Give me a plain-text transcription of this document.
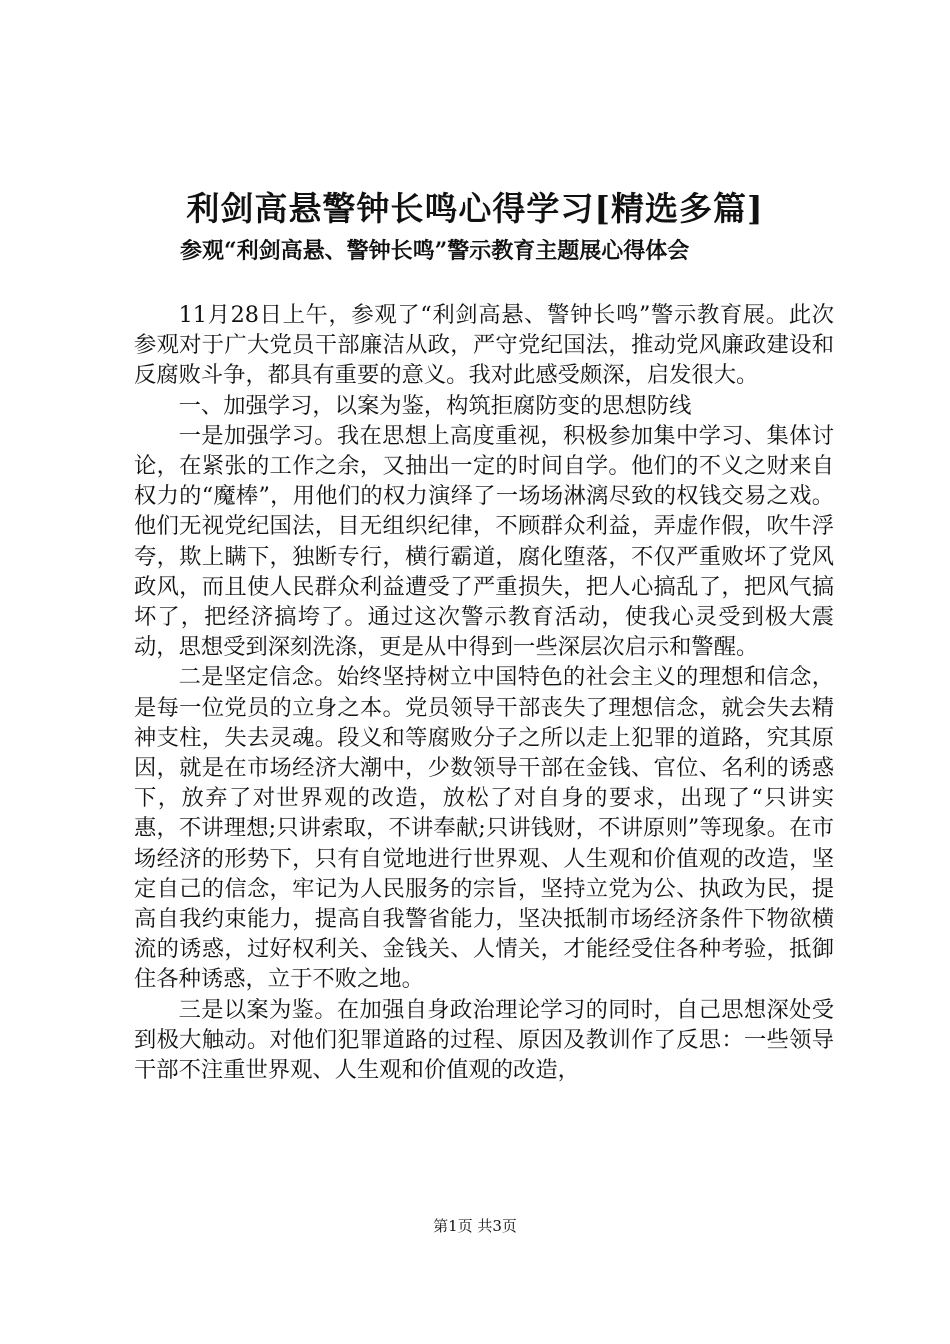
利剑高悬警钟长鸣心得学习[精选多篇]
参观“利剑高悬、警钟长鸣”警示教育主题展心得体会

11月28日上午，参观了“利剑高悬、警钟长鸣”警示教育展。此次参观对于广大党员干部廉洁从政，严守党纪国法，推动党风廉政建设和反腐败斗争，都具有重要的意义。我对此感受颇深，启发很大。

一、加强学习，以案为鉴，构筑拒腐防变的思想防线

一是加强学习。我在思想上高度重视，积极参加集中学习、集体讨论，在紧张的工作之余，又抽出一定的时间自学。他们的不义之财来自权力的“魔棒”，用他们的权力演绎了一场场淋漓尽致的权钱交易之戏。他们无视党纪国法，目无组织纪律，不顾群众利益，弄虚作假，吹牛浮夸，欺上瞒下，独断专行，横行霸道，腐化堕落，不仅严重败坏了党风政风，而且使人民群众利益遭受了严重损失，把人心搞乱了，把风气搞坏了，把经济搞垮了。通过这次警示教育活动，使我心灵受到极大震动，思想受到深刻洗涤，更是从中得到一些深层次启示和警醒。

二是坚定信念。始终坚持树立中国特色的社会主义的理想和信念，是每一位党员的立身之本。党员领导干部丧失了理想信念，就会失去精神支柱，失去灵魂。段义和等腐败分子之所以走上犯罪的道路，究其原因，就是在市场经济大潮中，少数领导干部在金钱、官位、名利的诱惑下，放弃了对世界观的改造，放松了对自身的要求，出现了“只讲实惠，不讲理想;只讲索取，不讲奉献;只讲钱财，不讲原则”等现象。在市场经济的形势下，只有自觉地进行世界观、人生观和价值观的改造，坚定自己的信念，牢记为人民服务的宗旨，坚持立党为公、执政为民，提高自我约束能力，提高自我警省能力，坚决抵制市场经济条件下物欲横流的诱惑，过好权利关、金钱关、人情关，才能经受住各种考验，抵御住各种诱惑，立于不败之地。

三是以案为鉴。在加强自身政治理论学习的同时，自己思想深处受到极大触动。对他们犯罪道路的过程、原因及教训作了反思：一些领导干部不注重世界观、人生观和价值观的改造，

第1页 共3页
